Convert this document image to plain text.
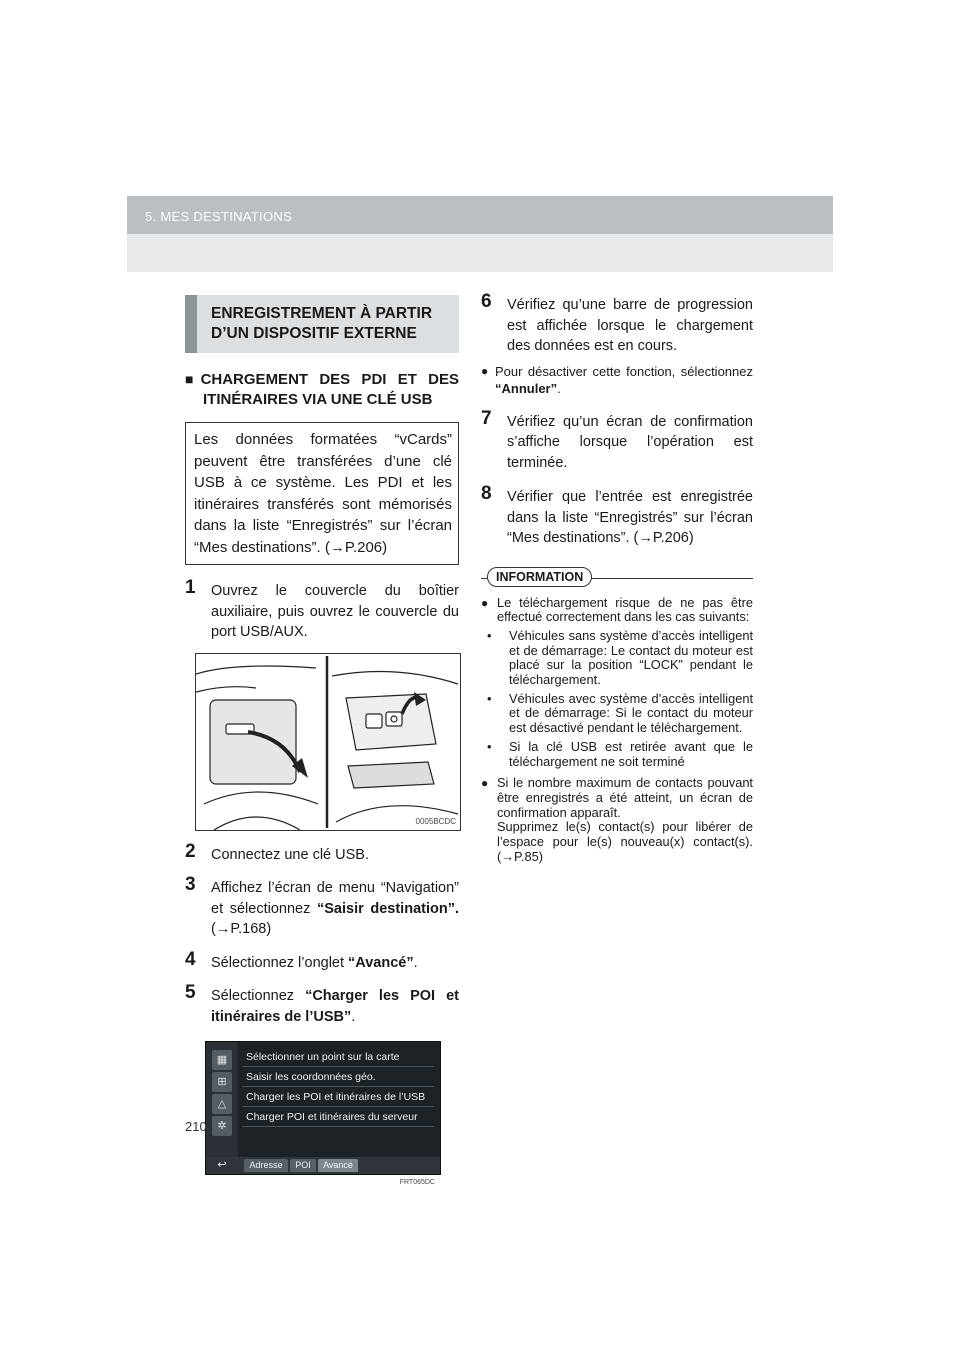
5. MES DESTINATIONS
ENREGISTREMENT À PARTIR
D’UN DISPOSITIF EXTERNE
■CHARGEMENT DES PDI ET DES ITINÉRAIRES VIA UNE CLÉ USB
Les données formatées “vCards” peuvent être transférées d’une clé USB à ce système. Les PDI et les itinéraires transférés sont mémorisés dans la liste “Enregistrés” sur l’écran “Mes destinations”. (→P.206)
1 Ouvrez le couvercle du boîtier auxiliaire, puis ouvrez le couvercle du port USB/AUX.
0005BCDC
2 Connectez une clé USB.
3 Affichez l’écran de menu “Navigation” et sélectionnez “Saisir destination”. (→P.168)
4 Sélectionnez l’onglet “Avancé”.
5 Sélectionnez “Charger les POI et itinéraires de l’USB”.
▦
⊞
△
✲
Sélectionner un point sur la carte
Saisir les coordonnées géo.
Charger les POI et itinéraires de l’USB
Charger POI et itinéraires du serveur
↩	Adresse	POI	Avancé
FRT065DC
6 Vérifiez qu’une barre de progression est affichée lorsque le chargement des données est en cours.
● Pour désactiver cette fonction, sélectionnez “Annuler”.
7 Vérifiez qu’un écran de confirmation s’affiche lorsque l’opération est terminée.
8 Vérifier que l’entrée est enregistrée dans la liste “Enregistrés” sur l’écran “Mes destinations”. (→P.206)
INFORMATION
● Le téléchargement risque de ne pas être effectué correctement dans les cas suivants:
• Véhicules sans système d’accès intelligent et de démarrage: Le contact du moteur est placé sur la position “LOCK” pendant le téléchargement.
• Véhicules avec système d’accès intelligent et de démarrage: Si le contact du moteur est désactivé pendant le téléchargement.
• Si la clé USB est retirée avant que le téléchargement ne soit terminé
● Si le nombre maximum de contacts pouvant être enregistrés a été atteint, un écran de confirmation apparaît.
Supprimez le(s) contact(s) pour libérer de l’espace pour le(s) nouveau(x) contact(s). (→P.85)
210
